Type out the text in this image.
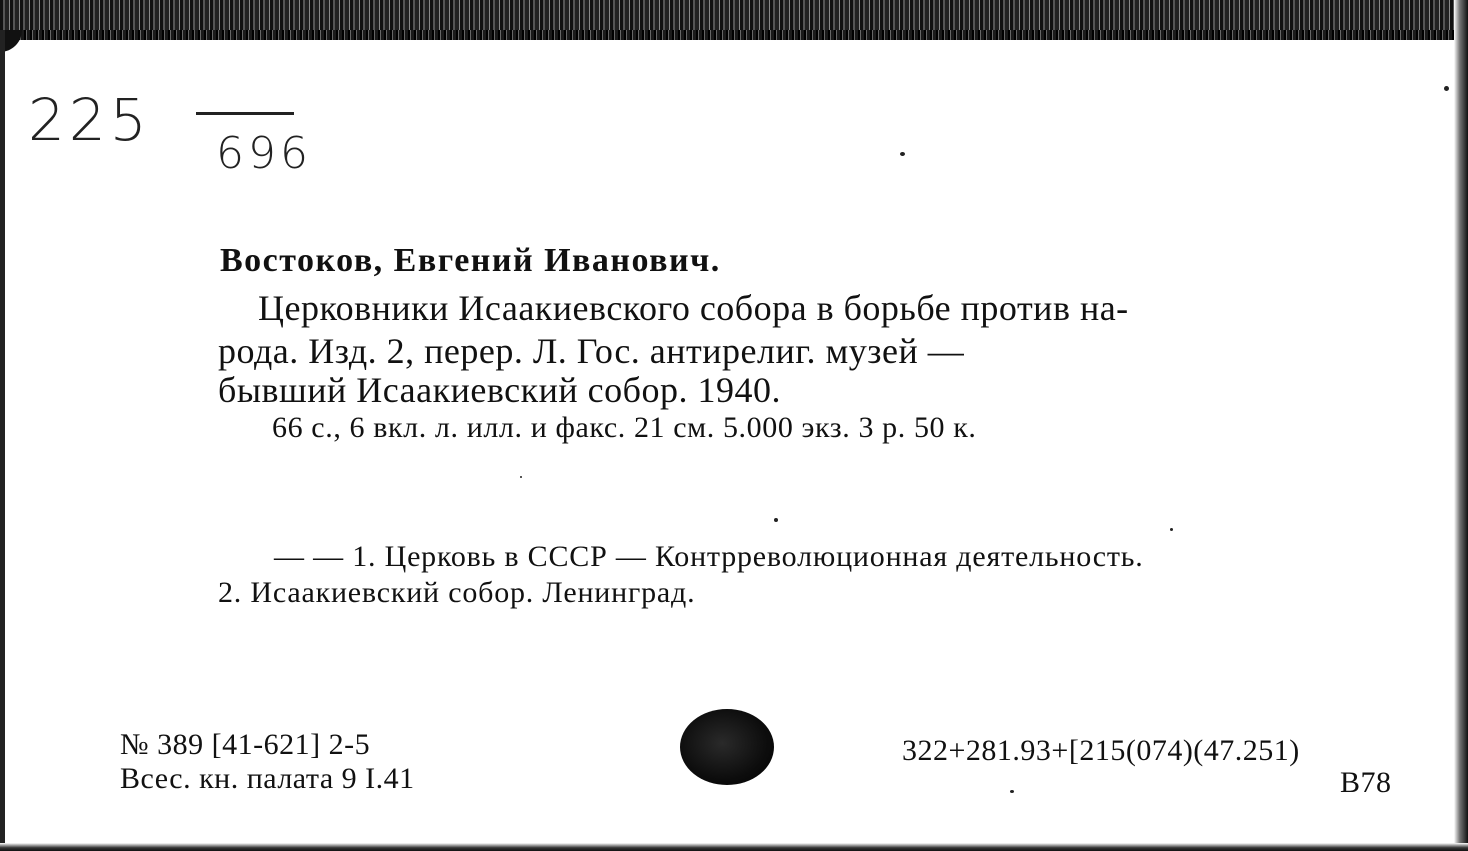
225 696
Востоков, Евгений Иванович.
Церковники Исаакиевского собора в борьбе против на-
рода. Изд. 2, перер. Л. Гос. антирелиг. музей —
бывший Исаакиевский собор. 1940.
66 с., 6 вкл. л. илл. и факс. 21 см. 5.000 экз. 3 р. 50 к.
— — 1. Церковь в СССР — Контрреволюционная деятельность.
2. Исаакиевский собор. Ленинград.
№ 389 [41-621] 2-5
Всес. кн. палата 9 I.41
322+281.93+[215(074)(47.251)
В78
